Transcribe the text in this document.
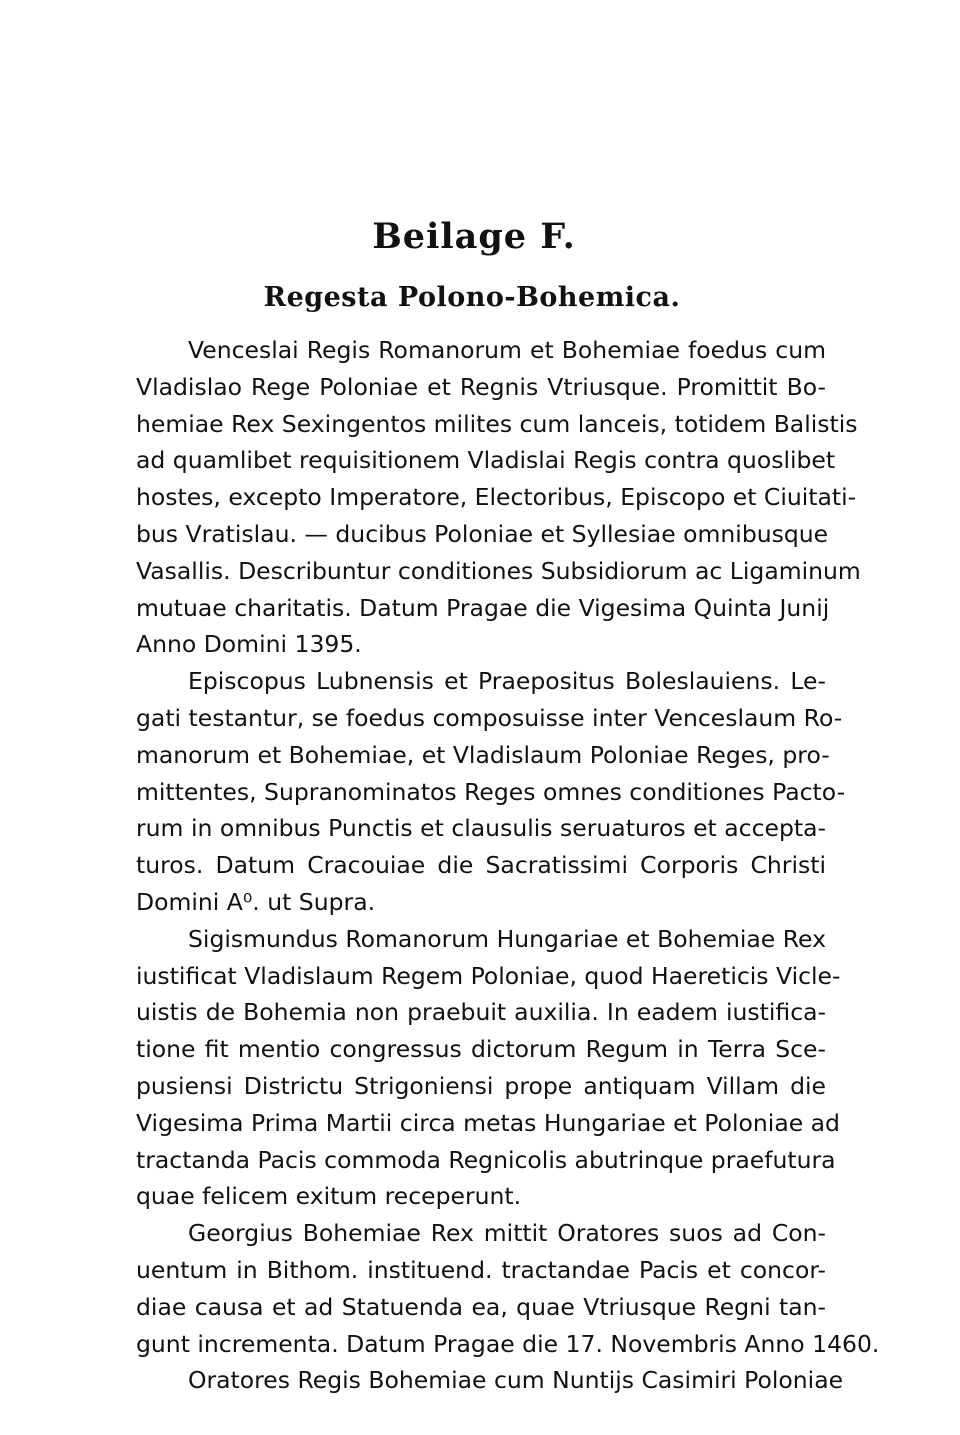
Beilage F.
Regesta Polono-Bohemica.
Venceslai Regis Romanorum et Bohemiae foedus cum
Vladislao Rege Poloniae et Regnis Vtriusque. Promittit Bo-
hemiae Rex Sexingentos milites cum lanceis, totidem Balistis
ad quamlibet requisitionem Vladislai Regis contra quoslibet
hostes, excepto Imperatore, Electoribus, Episcopo et Ciuitati-
bus Vratislau. — ducibus Poloniae et Syllesiae omnibusque
Vasallis. Describuntur conditiones Subsidiorum ac Ligaminum
mutuae charitatis. Datum Pragae die Vigesima Quinta Junij
Anno Domini 1395.
Episcopus Lubnensis et Praepositus Boleslauiens. Le-
gati testantur, se foedus composuisse inter Venceslaum Ro-
manorum et Bohemiae, et Vladislaum Poloniae Reges, pro-
mittentes, Supranominatos Reges omnes conditiones Pacto-
rum in omnibus Punctis et clausulis seruaturos et accepta-
turos. Datum Cracouiae die Sacratissimi Corporis Christi
Domini A⁰. ut Supra.
Sigismundus Romanorum Hungariae et Bohemiae Rex
iustificat Vladislaum Regem Poloniae, quod Haereticis Vicle-
uistis de Bohemia non praebuit auxilia. In eadem iustifica-
tione fit mentio congressus dictorum Regum in Terra Sce-
pusiensi Districtu Strigoniensi prope antiquam Villam die
Vigesima Prima Martii circa metas Hungariae et Poloniae ad
tractanda Pacis commoda Regnicolis abutrinque praefutura
quae felicem exitum receperunt.
Georgius Bohemiae Rex mittit Oratores suos ad Con-
uentum in Bithom. instituend. tractandae Pacis et concor-
diae causa et ad Statuenda ea, quae Vtriusque Regni tan-
gunt incrementa. Datum Pragae die 17. Novembris Anno 1460.
Oratores Regis Bohemiae cum Nuntijs Casimiri Poloniae
